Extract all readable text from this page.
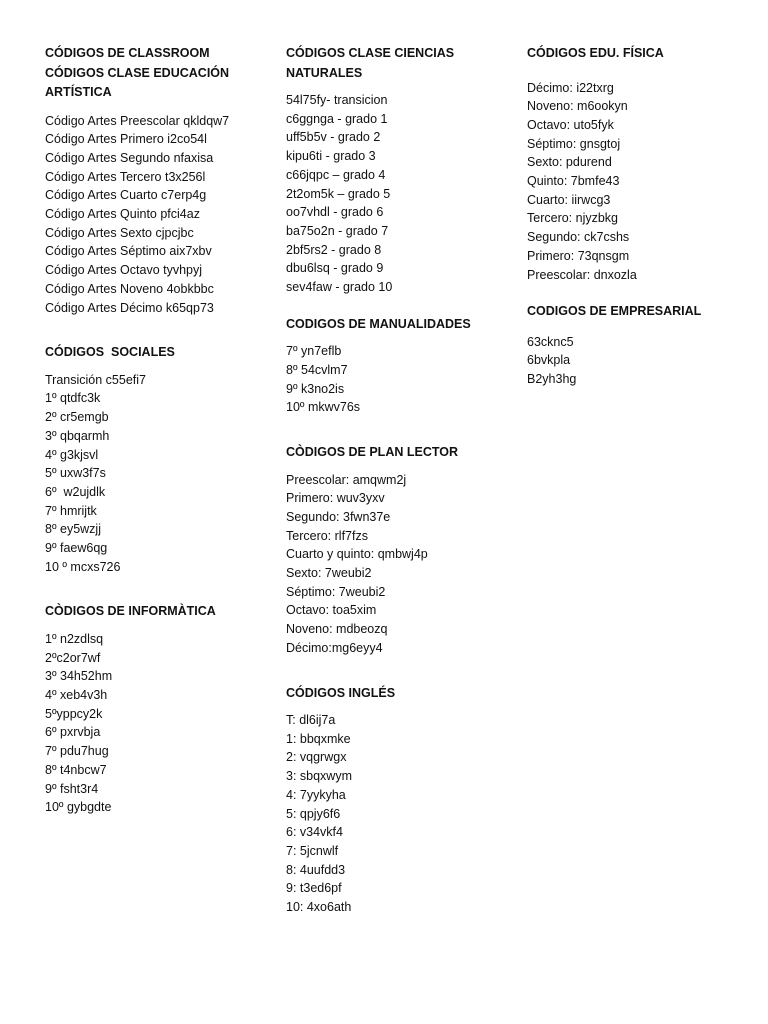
CÓDIGOS DE CLASSROOM
CÓDIGOS CLASE EDUCACIÓN ARTÍSTICA
Código Artes Preescolar qkldqw7
Código Artes Primero i2co54l
Código Artes Segundo nfaxisa
Código Artes Tercero t3x256l
Código Artes Cuarto c7erp4g
Código Artes Quinto pfci4az
Código Artes Sexto cjpcjbc
Código Artes Séptimo aix7xbv
Código Artes Octavo tyvhpyj
Código Artes Noveno 4obkbbc
Código Artes Décimo k65qp73
CÓDIGOS  SOCIALES
Transición c55efi7
1º qtdfc3k
2º cr5emgb
3º qbqarmh
4º g3kjsvl
5º uxw3f7s
6º  w2ujdlk
7º hmrijtk
8º ey5wzjj
9º faew6qg
10 º mcxs726
CÒDIGOS DE INFORMÀTICA
1º n2zdlsq
2ºc2or7wf
3º 34h52hm
4º xeb4v3h
5ºyppcy2k
6º pxrvbja
7º pdu7hug
8º t4nbcw7
9º fsht3r4
10º gybgdte
CÓDIGOS CLASE CIENCIAS NATURALES
54l75fy- transicion
c6ggnga - grado 1
uff5b5v - grado 2
kipu6ti - grado 3
c66jqpc – grado 4
2t2om5k – grado 5
oo7vhdl - grado 6
ba75o2n - grado 7
2bf5rs2 - grado 8
dbu6lsq - grado 9
sev4faw - grado 10
CODIGOS DE MANUALIDADES
7º yn7eflb
8º 54cvlm7
9º k3no2is
10º mkwv76s
CÒDIGOS DE PLAN LECTOR
Preescolar: amqwm2j
Primero: wuv3yxv
Segundo: 3fwn37e
Tercero: rlf7fzs
Cuarto y quinto: qmbwj4p
Sexto: 7weubi2
Séptimo: 7weubi2
Octavo: toa5xim
Noveno: mdbeozq
Décimo:mg6eyy4
CÓDIGOS INGLÉS
T: dl6ij7a
1: bbqxmke
2: vqgrwgx
3: sbqxwym
4: 7yykyha
5: qpjy6f6
6: v34vkf4
7: 5jcnwlf
8: 4uufdd3
9: t3ed6pf
10: 4xo6ath
CÓDIGOS EDU. FÍSICA
Décimo: i22txrg
Noveno: m6ookyn
Octavo: uto5fyk
Séptimo: gnsgtoj
Sexto: pdurend
Quinto: 7bmfe43
Cuarto: iirwcg3
Tercero: njyzbkg
Segundo: ck7cshs
Primero: 73qnsgm
Preescolar: dnxozla
CODIGOS DE EMPRESARIAL
63cknc5
6bvkpla
B2yh3hg
